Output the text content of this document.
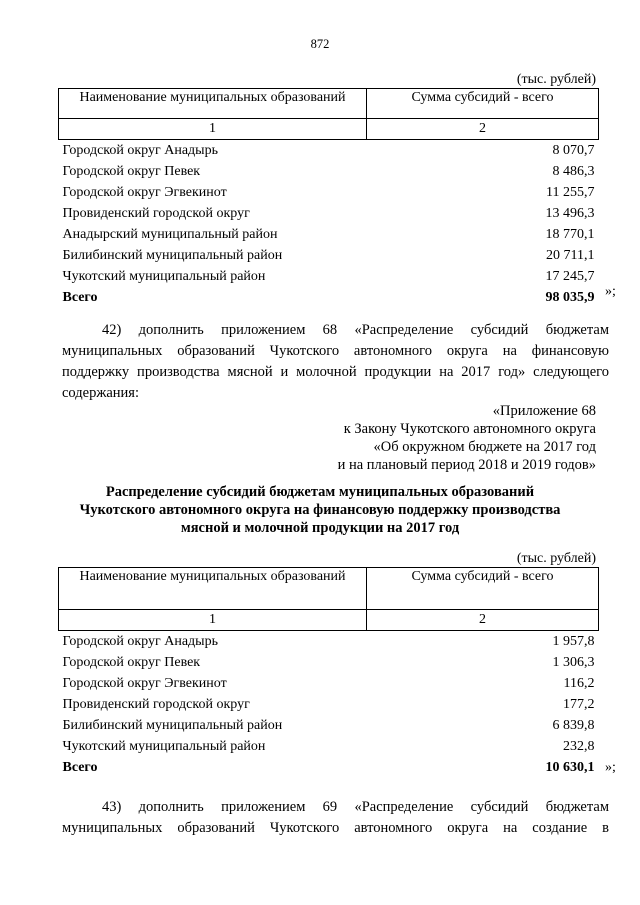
872
(тыс. рублей)
Наименование муниципальных образований	Сумма субсидий - всего
1	2
Городской округ Анадырь	8 070,7
Городской округ Певек	8 486,3
Городской округ Эгвекинот	11 255,7
Провиденский городской округ	13 496,3
Анадырский муниципальный район	18 770,1
Билибинский муниципальный район	20 711,1
Чукотский муниципальный район	17 245,7
Всего	98 035,9 »;
42) дополнить приложением 68 «Распределение субсидий бюджетам муниципальных образований Чукотского автономного округа на финансовую поддержку производства мясной и молочной продукции на 2017 год» следующего содержания:
«Приложение 68
к Закону Чукотского автономного округа
«Об окружном бюджете на 2017 год
и на плановый период 2018 и 2019 годов»
Распределение субсидий бюджетам муниципальных образований
Чукотского автономного округа на финансовую поддержку производства
мясной и молочной продукции на 2017 год
(тыс. рублей)
Наименование муниципальных образований	Сумма субсидий - всего
1	2
Городской округ Анадырь	1 957,8
Городской округ Певек	1 306,3
Городской округ Эгвекинот	116,2
Провиденский городской округ	177,2
Билибинский муниципальный район	6 839,8
Чукотский муниципальный район	232,8
Всего	10 630,1 »;
43) дополнить приложением 69 «Распределение субсидий бюджетам муниципальных образований Чукотского автономного округа на создание в
